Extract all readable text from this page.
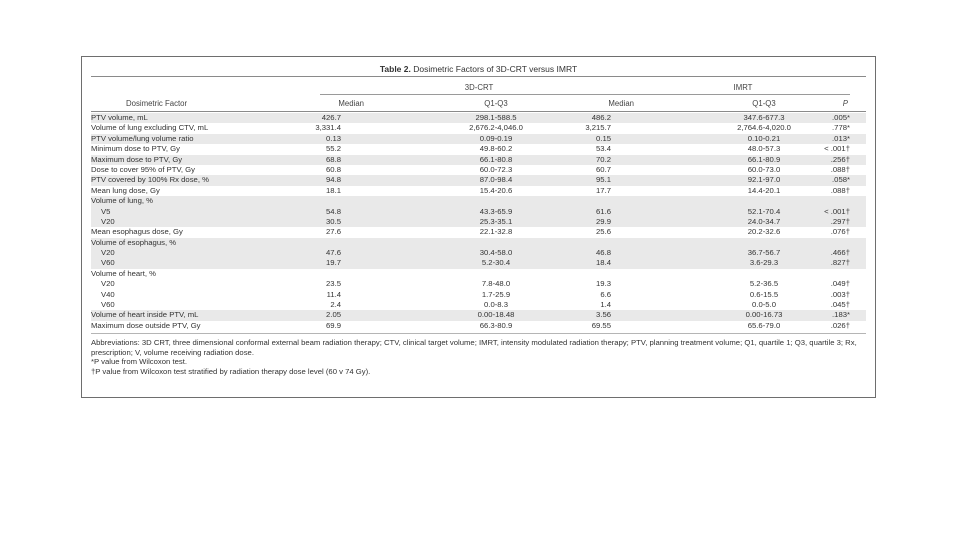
Table 2. Dosimetric Factors of 3D-CRT versus IMRT
3D-CRT	IMRT
Dosimetric Factor	Median	Q1-Q3	Median	Q1-Q3	P
PTV volume, mL	426.7	298.1-588.5	486.2	347.6-677.3	.005*
Volume of lung excluding CTV, mL	3,331.4	2,676.2-4,046.0	3,215.7	2,764.6-4,020.0	.778*
PTV volume/lung volume ratio	0.13	0.09-0.19	0.15	0.10-0.21	.013*
Minimum dose to PTV, Gy	55.2	49.8-60.2	53.4	48.0-57.3	< .001†
Maximum dose to PTV, Gy	68.8	66.1-80.8	70.2	66.1-80.9	.256†
Dose to cover 95% of PTV, Gy	60.8	60.0-72.3	60.7	60.0-73.0	.088†
PTV covered by 100% Rx dose, %	94.8	87.0-98.4	95.1	92.1-97.0	.058*
Mean lung dose, Gy	18.1	15.4-20.6	17.7	14.4-20.1	.088†
Volume of lung, %
V5	54.8	43.3-65.9	61.6	52.1-70.4	< .001†
V20	30.5	25.3-35.1	29.9	24.0-34.7	.297†
Mean esophagus dose, Gy	27.6	22.1-32.8	25.6	20.2-32.6	.076†
Volume of esophagus, %
V20	47.6	30.4-58.0	46.8	36.7-56.7	.466†
V60	19.7	5.2-30.4	18.4	3.6-29.3	.827†
Volume of heart, %
V20	23.5	7.8-48.0	19.3	5.2-36.5	.049†
V40	11.4	1.7-25.9	6.6	0.6-15.5	.003†
V60	2.4	0.0-8.3	1.4	0.0-5.0	.045†
Volume of heart inside PTV, mL	2.05	0.00-18.48	3.56	0.00-16.73	.183*
Maximum dose outside PTV, Gy	69.9	66.3-80.9	69.55	65.6-79.0	.026†

Abbreviations: 3D CRT, three dimensional conformal external beam radiation therapy; CTV, clinical target volume; IMRT, intensity modulated radiation therapy; PTV, planning treatment volume; Q1, quartile 1; Q3, quartile 3; Rx, prescription; V, volume receiving radiation dose.

*P value from Wilcoxon test.

†P value from Wilcoxon test stratified by radiation therapy dose level (60 v 74 Gy).
